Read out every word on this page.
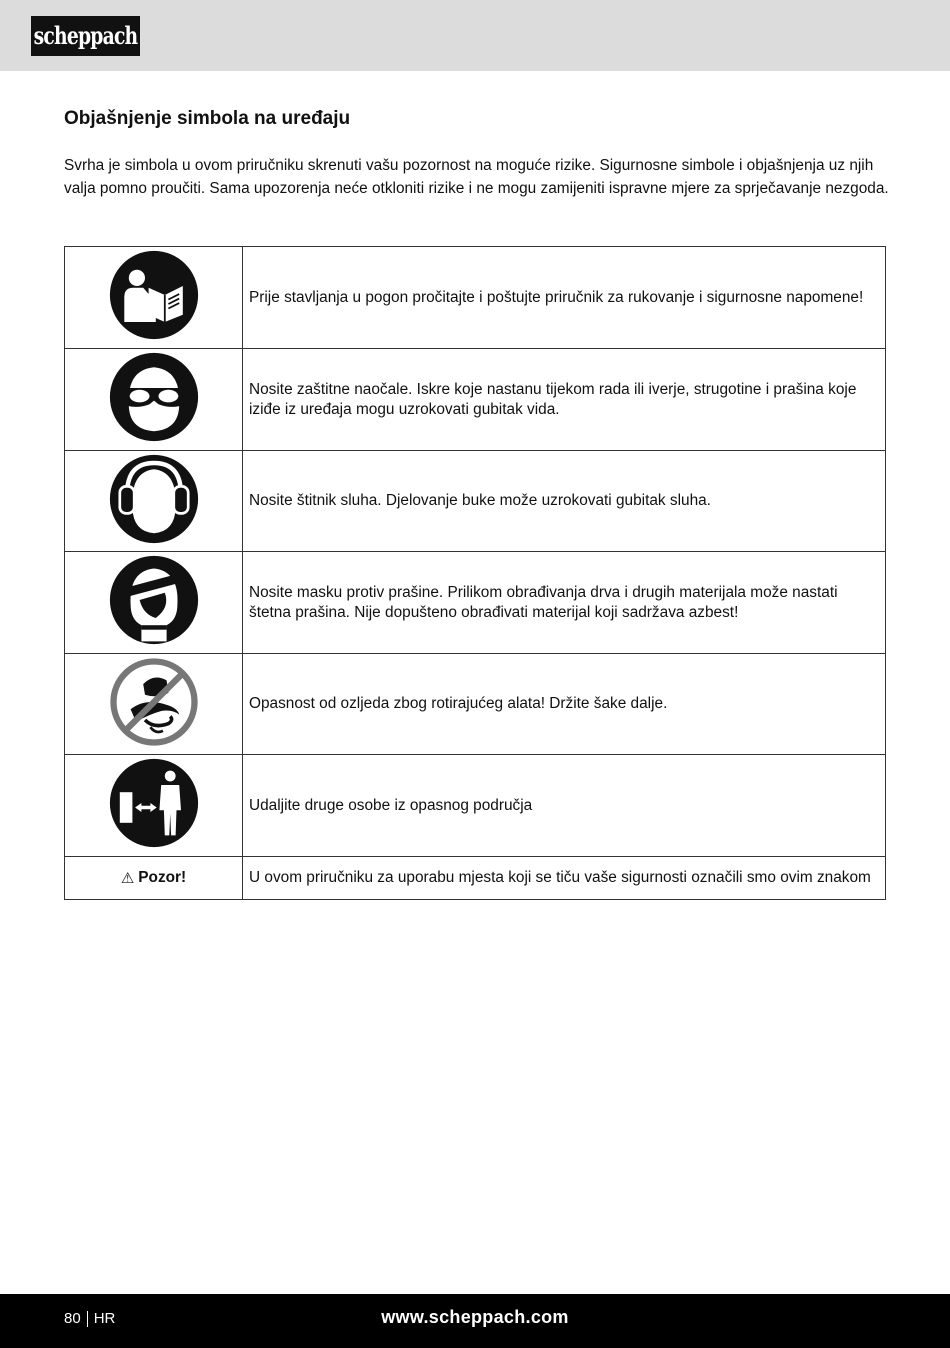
scheppach
Objašnjenje simbola na uređaju

Svrha je simbola u ovom priručniku skrenuti vašu pozornost na moguće rizike. Sigurnosne simbole i objašnjenja uz njih valja pomno proučiti. Sama upozorenja neće otkloniti rizike i ne mogu zamijeniti ispravne mjere za sprječavanje nezgoda.

	Prije stavljanja u pogon pročitajte i poštujte priručnik za rukovanje i sigurnosne napomene!

	Nosite zaštitne naočale. Iskre koje nastanu tijekom rada ili iverje, strugotine i prašina koje iziđe iz uređaja mogu uzrokovati gubitak vida.

	Nosite štitnik sluha. Djelovanje buke može uzrokovati gubitak sluha.

	Nosite masku protiv prašine. Prilikom obrađivanja drva i drugih materijala može nastati štetna prašina. Nije dopušteno obrađivati materijal koji sadržava azbest!

	Opasnost od ozljeda zbog rotirajućeg alata! Držite šake dalje.

	Udaljite druge osobe iz opasnog područja

⚠ Pozor!	U ovom priručniku za uporabu mjesta koji se tiču vaše sigurnosti označili smo ovim znakom
80 HR	www.scheppach.com
